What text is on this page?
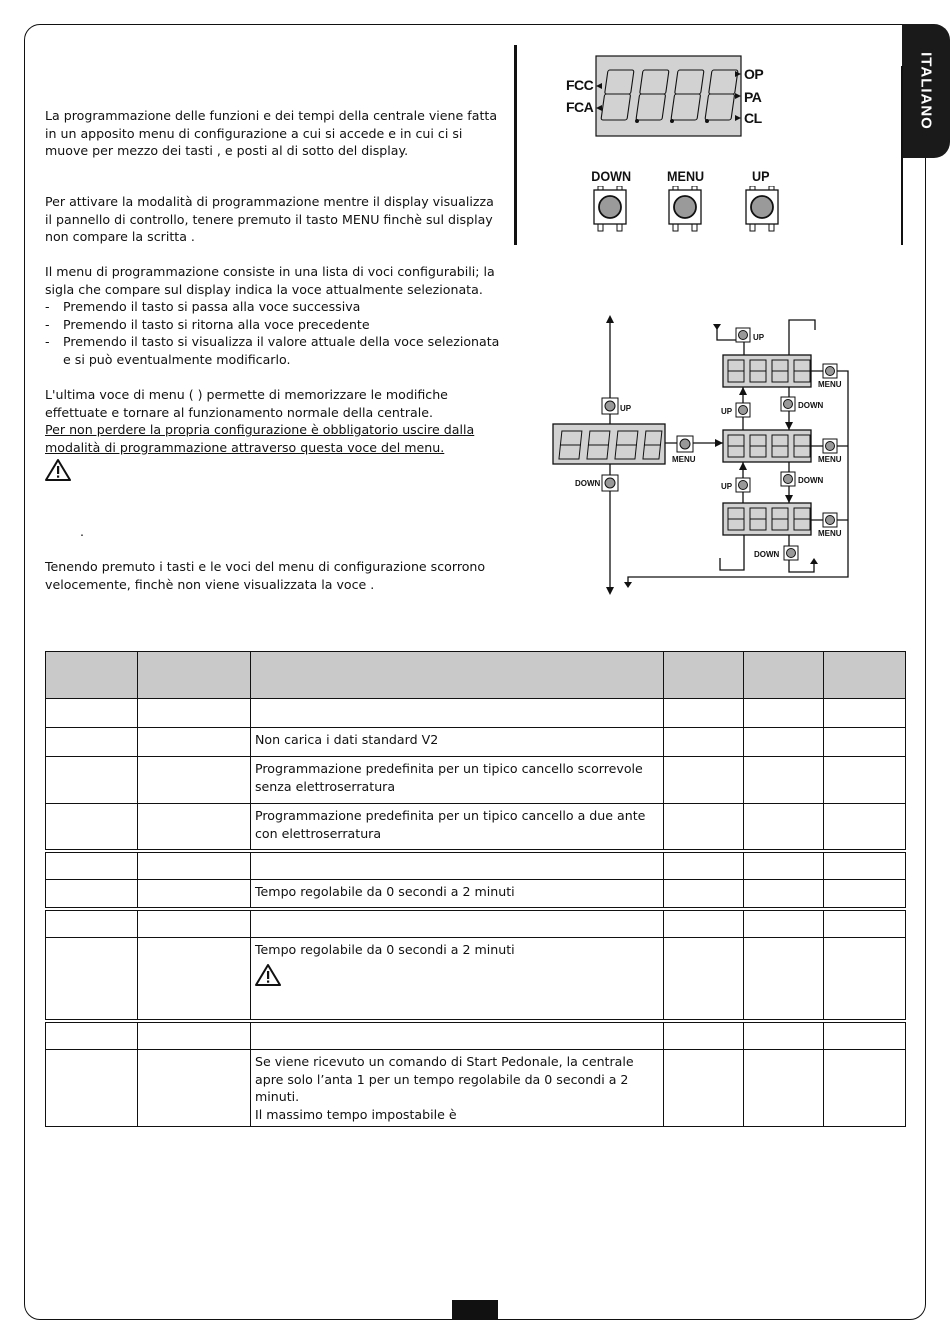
ITALIANO

La programmazione delle funzioni e dei tempi della centrale viene fatta in un apposito menu di configurazione a cui si accede e in cui ci si muove per mezzo dei tasti , e posti al di sotto del display.

Per attivare la modalità di programmazione mentre il display visualizza il pannello di controllo, tenere premuto il tasto MENU finchè sul display non compare la scritta .

Il menu di programmazione consiste in una lista di voci configurabili; la sigla che compare sul display indica la voce attualmente selezionata.

-	Premendo il tasto si passa alla voce successiva
-	Premendo il tasto si ritorna alla voce precedente
-	Premendo il tasto si visualizza il valore attuale della voce selezionata e si può eventualmente modificarlo.

L'ultima voce di menu ( ) permette di memorizzare le modifiche effettuate e tornare al funzionamento normale della centrale.

Per non perdere la propria configurazione è obbligatorio uscire dalla modalità di programmazione attraverso questa voce del menu.

.

Tenendo premuto i tasti e le voci del menu di configurazione scorrono velocemente, finchè non viene visualizzata la voce .

FCC
FCA
OP
PA
CL
DOWN	MENU	UP
UP
DOWN
MENU
UP
UP
DOWN
UP
DOWN
DOWN
MENU
MENU
MENU

		Non carica i dati standard V2			
		Programmazione predefinita per un tipico cancello scorrevole senza elettroserratura			
		Programmazione predefinita per un tipico cancello a due ante con elettroserratura			

		Tempo regolabile da 0 secondi a 2 minuti			

		Tempo regolabile da 0 secondi a 2 minuti			

		Se viene ricevuto un comando di Start Pedonale, la centrale apre solo l’anta 1 per un tempo regolabile da 0 secondi a 2 minuti.
Il massimo tempo impostabile è			
